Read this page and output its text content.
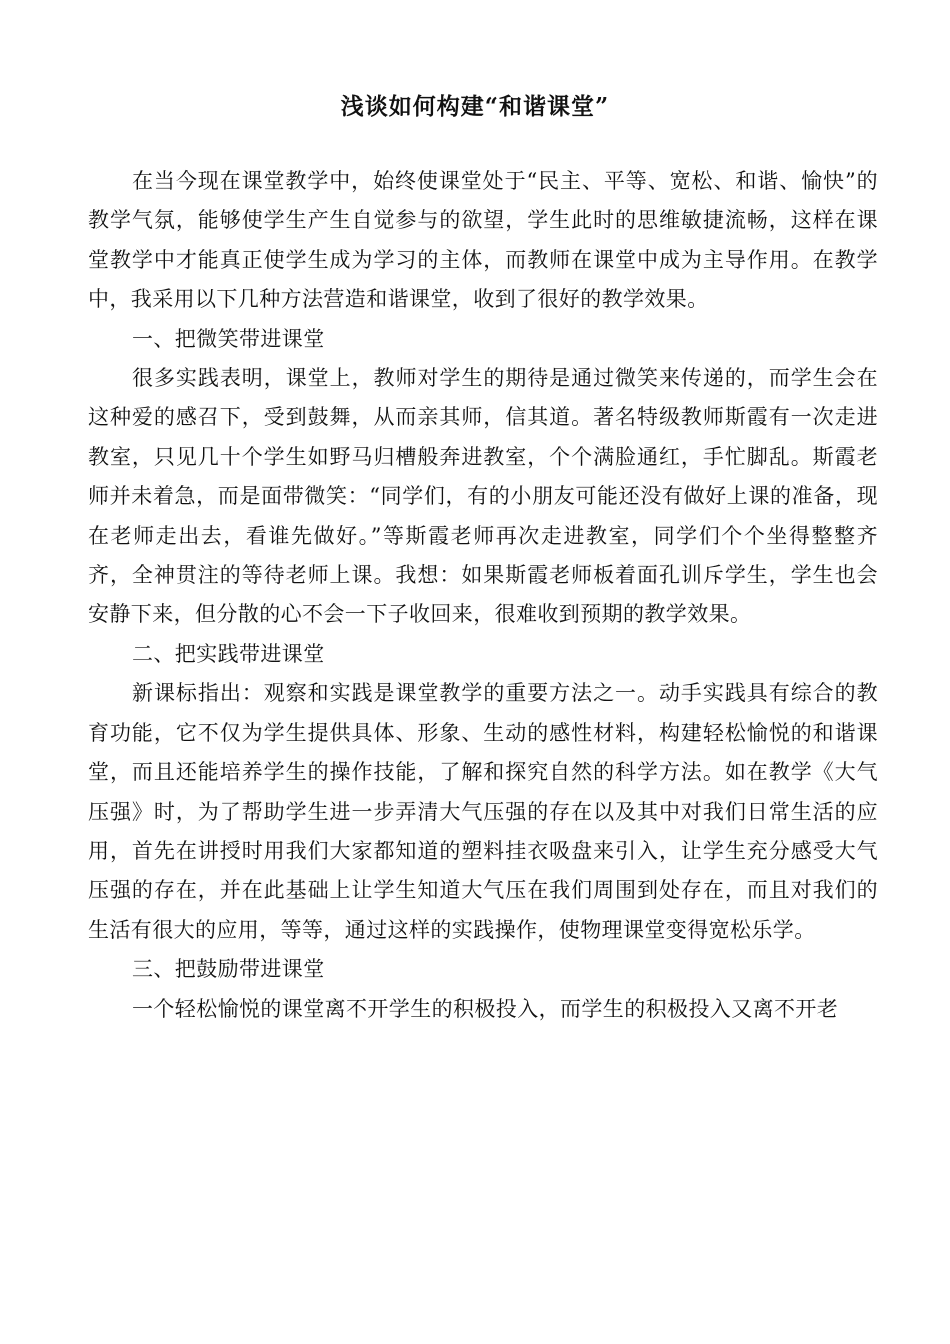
浅谈如何构建“和谐课堂”

在当今现在课堂教学中，始终使课堂处于“民主、平等、宽松、和谐、愉快”的教学气氛，能够使学生产生自觉参与的欲望，学生此时的思维敏捷流畅，这样在课堂教学中才能真正使学生成为学习的主体，而教师在课堂中成为主导作用。在教学中，我采用以下几种方法营造和谐课堂，收到了很好的教学效果。

一、把微笑带进课堂

很多实践表明，课堂上，教师对学生的期待是通过微笑来传递的，而学生会在这种爱的感召下，受到鼓舞，从而亲其师，信其道。著名特级教师斯霞有一次走进教室，只见几十个学生如野马归槽般奔进教室，个个满脸通红，手忙脚乱。斯霞老师并未着急，而是面带微笑：“同学们，有的小朋友可能还没有做好上课的准备，现在老师走出去，看谁先做好。”等斯霞老师再次走进教室，同学们个个坐得整整齐齐，全神贯注的等待老师上课。我想：如果斯霞老师板着面孔训斥学生，学生也会安静下来，但分散的心不会一下子收回来，很难收到预期的教学效果。

二、把实践带进课堂

新课标指出：观察和实践是课堂教学的重要方法之一。动手实践具有综合的教育功能，它不仅为学生提供具体、形象、生动的感性材料，构建轻松愉悦的和谐课堂，而且还能培养学生的操作技能，了解和探究自然的科学方法。如在教学《大气压强》时，为了帮助学生进一步弄清大气压强的存在以及其中对我们日常生活的应用，首先在讲授时用我们大家都知道的塑料挂衣吸盘来引入，让学生充分感受大气压强的存在，并在此基础上让学生知道大气压在我们周围到处存在，而且对我们的生活有很大的应用，等等，通过这样的实践操作，使物理课堂变得宽松乐学。

三、把鼓励带进课堂

一个轻松愉悦的课堂离不开学生的积极投入，而学生的积极投入又离不开老
